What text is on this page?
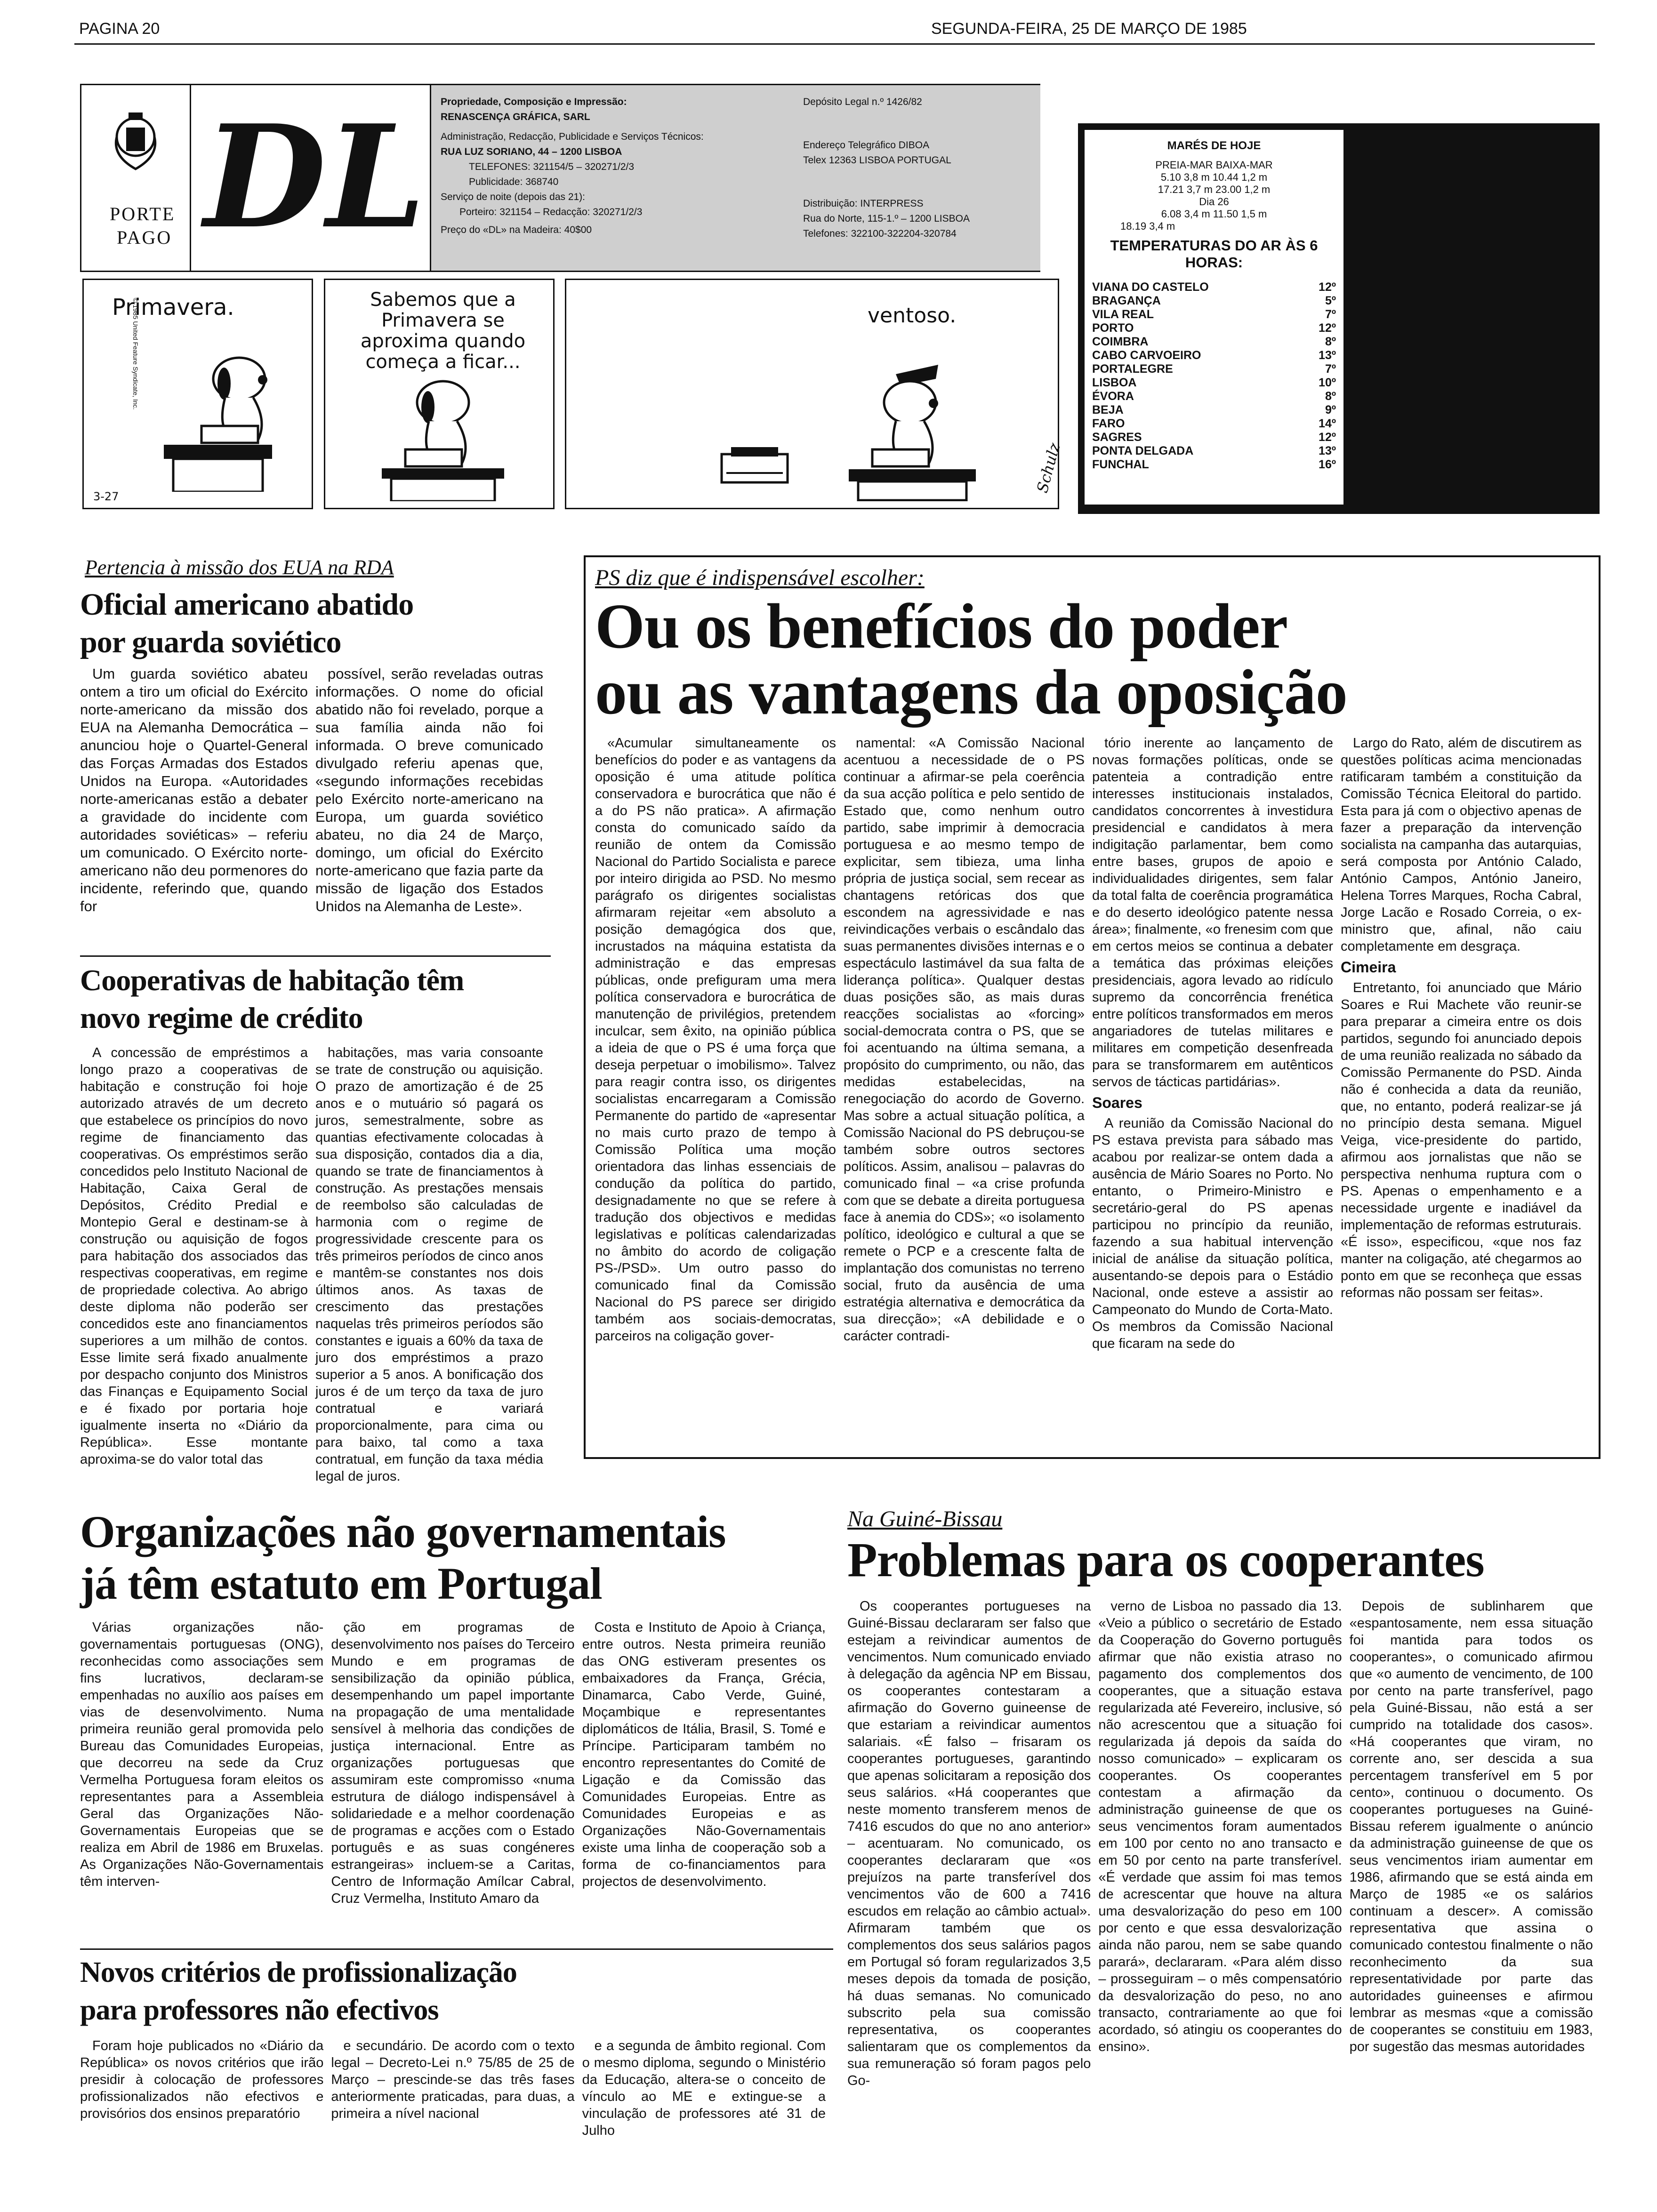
PAGINA 20	SEGUNDA-FEIRA, 25 DE MARÇO DE 1985
PORTE
PAGO DL Propriedade, Composição e Impressão:
RENASCENÇA GRÁFICA, SARL
Administração, Redacção, Publicidade e Serviços Técnicos:
RUA LUZ SORIANO, 44 – 1200 LISBOA
TELEFONES: 321154/5 – 320271/2/3
Publicidade: 368740
Serviço de noite (depois das 21):
Porteiro: 321154 – Redacção: 320271/2/3
Preço do «DL» na Madeira: 40$00
Depósito Legal n.º 1426/82
Endereço Telegráfico DIBOA
Telex 12363 LISBOA PORTUGAL
Distribuição: INTERPRESS
Rua do Norte, 115-1.º – 1200 LISBOA
Telefones: 322100-322204-320784
Primavera.
3-27
© 1985 United Feature Syndicate, Inc.	Sabemos que a Primavera se aproxima quando começa a ficar...
ventoso.
Schulz
MARÉS DE HOJE
PREIA-MAR BAIXA-MAR
5.10 3,8 m 10.44 1,2 m
17.21 3,7 m 23.00 1,2 m
Dia 26
6.08 3,4 m 11.50 1,5 m
18.19 3,4 m
TEMPERATURAS DO AR ÀS 6 HORAS:
VIANA DO CASTELO	12º
BRAGANÇA	5º
VILA REAL	7º
PORTO	12º
COIMBRA	8º
CABO CARVOEIRO	13º
PORTALEGRE	7º
LISBOA	10º
ÉVORA	8º
BEJA	9º
FARO	14º
SAGRES	12º
PONTA DELGADA	13º
FUNCHAL	16º
Pertencia à missão dos EUA na RDA
Oficial americano abatido
por guarda soviético
Um guarda soviético abateu ontem a tiro um oficial do Exército norte-americano da missão dos EUA na Alemanha Democrática – anunciou hoje o Quartel-General das Forças Armadas dos Estados Unidos na Europa. «Autoridades norte-americanas estão a debater a gravidade do incidente com autoridades soviéticas» – referiu um comunicado. O Exército norte-americano não deu pormenores do incidente, referindo que, quando for
possível, serão reveladas outras informações. O nome do oficial abatido não foi revelado, porque a sua família ainda não foi informada. O breve comunicado divulgado referiu apenas que, «segundo informações recebidas pelo Exército norte-americano na Europa, um guarda soviético abateu, no dia 24 de Março, domingo, um oficial do Exército norte-americano que fazia parte da missão de ligação dos Estados Unidos na Alemanha de Leste».
Cooperativas de habitação têm
novo regime de crédito
A concessão de empréstimos a longo prazo a cooperativas de habitação e construção foi hoje autorizado através de um decreto que estabelece os princípios do novo regime de financiamento das cooperativas. Os empréstimos serão concedidos pelo Instituto Nacional de Habitação, Caixa Geral de Depósitos, Crédito Predial e Montepio Geral e destinam-se à construção ou aquisição de fogos para habitação dos associados das respectivas cooperativas, em regime de propriedade colectiva. Ao abrigo deste diploma não poderão ser concedidos este ano financiamentos superiores a um milhão de contos. Esse limite será fixado anualmente por despacho conjunto dos Ministros das Finanças e Equipamento Social e é fixado por portaria hoje igualmente inserta no «Diário da República». Esse montante aproxima-se do valor total das
habitações, mas varia consoante se trate de construção ou aquisição. O prazo de amortização é de 25 anos e o mutuário só pagará os juros, semestralmente, sobre as quantias efectivamente colocadas à sua disposição, contados dia a dia, quando se trate de financiamentos à construção. As prestações mensais de reembolso são calculadas de harmonia com o regime de progressividade crescente para os três primeiros períodos de cinco anos e mantêm-se constantes nos dois últimos anos. As taxas de crescimento das prestações naquelas três primeiros períodos são constantes e iguais a 60% da taxa de juro dos empréstimos a prazo superior a 5 anos. A bonificação dos juros é de um terço da taxa de juro contratual e variará proporcionalmente, para cima ou para baixo, tal como a taxa contratual, em função da taxa média legal de juros.
PS diz que é indispensável escolher:
Ou os benefícios do poder
ou as vantagens da oposição
«Acumular simultaneamente os benefícios do poder e as vantagens da oposição é uma atitude política conservadora e burocrática que não é a do PS não pratica». A afirmação consta do comunicado saído da reunião de ontem da Comissão Nacional do Partido Socialista e parece por inteiro dirigida ao PSD. No mesmo parágrafo os dirigentes socialistas afirmaram rejeitar «em absoluto a posição demagógica dos que, incrustados na máquina estatista da administração e das empresas públicas, onde prefiguram uma mera política conservadora e burocrática de manutenção de privilégios, pretendem inculcar, sem êxito, na opinião pública a ideia de que o PS é uma força que deseja perpetuar o imobilismo». Talvez para reagir contra isso, os dirigentes socialistas encarregaram a Comissão Permanente do partido de «apresentar no mais curto prazo de tempo à Comissão Política uma moção orientadora das linhas essenciais de condução da política do partido, designadamente no que se refere à tradução dos objectivos e medidas legislativas e políticas calendarizadas no âmbito do acordo de coligação PS-/PSD». Um outro passo do comunicado final da Comissão Nacional do PS parece ser dirigido também aos sociais-democratas, parceiros na coligação gover-
namental: «A Comissão Nacional acentuou a necessidade de o PS continuar a afirmar-se pela coerência da sua acção política e pelo sentido de Estado que, como nenhum outro partido, sabe imprimir à democracia portuguesa e ao mesmo tempo de explicitar, sem tibieza, uma linha própria de justiça social, sem recear as chantagens retóricas dos que escondem na agressividade e nas reivindicações verbais o escândalo das suas permanentes divisões internas e o espectáculo lastimável da sua falta de liderança política». Qualquer destas duas posições são, as mais duras reacções socialistas ao «forcing» social-democrata contra o PS, que se foi acentuando na última semana, a propósito do cumprimento, ou não, das medidas estabelecidas, na renegociação do acordo de Governo. Mas sobre a actual situação política, a Comissão Nacional do PS debruçou-se também sobre outros sectores políticos. Assim, analisou – palavras do comunicado final – «a crise profunda com que se debate a direita portuguesa face à anemia do CDS»; «o isolamento político, ideológico e cultural a que se remete o PCP e a crescente falta de implantação dos comunistas no terreno social, fruto da ausência de uma estratégia alternativa e democrática da sua direcção»; «A debilidade e o carácter contradi-
tório inerente ao lançamento de novas formações políticas, onde se patenteia a contradição entre interesses institucionais instalados, candidatos concorrentes à investidura presidencial e candidatos à mera indigitação parlamentar, bem como entre bases, grupos de apoio e individualidades dirigentes, sem falar da total falta de coerência programática e do deserto ideológico patente nessa área»; finalmente, «o frenesim com que em certos meios se continua a debater a temática das próximas eleições presidenciais, agora levado ao ridículo supremo da concorrência frenética entre políticos transformados em meros angariadores de tutelas militares e militares em competição desenfreada para se transformarem em autênticos servos de tácticas partidárias».
Soares
A reunião da Comissão Nacional do PS estava prevista para sábado mas acabou por realizar-se ontem dada a ausência de Mário Soares no Porto. No entanto, o Primeiro-Ministro e secretário-geral do PS apenas participou no princípio da reunião, fazendo a sua habitual intervenção inicial de análise da situação política, ausentando-se depois para o Estádio Nacional, onde esteve a assistir ao Campeonato do Mundo de Corta-Mato. Os membros da Comissão Nacional que ficaram na sede do
Largo do Rato, além de discutirem as questões políticas acima mencionadas ratificaram também a constituição da Comissão Técnica Eleitoral do partido. Esta para já com o objectivo apenas de fazer a preparação da intervenção socialista na campanha das autarquias, será composta por António Calado, António Campos, António Janeiro, Helena Torres Marques, Rocha Cabral, Jorge Lacão e Rosado Correia, o ex-ministro que, afinal, não caiu completamente em desgraça.
Cimeira
Entretanto, foi anunciado que Mário Soares e Rui Machete vão reunir-se para preparar a cimeira entre os dois partidos, segundo foi anunciado depois de uma reunião realizada no sábado da Comissão Permanente do PSD. Ainda não é conhecida a data da reunião, que, no entanto, poderá realizar-se já no princípio desta semana. Miguel Veiga, vice-presidente do partido, afirmou aos jornalistas que não se perspectiva nenhuma ruptura com o PS. Apenas o empenhamento e a necessidade urgente e inadiável da implementação de reformas estruturais. «É isso», especificou, «que nos faz manter na coligação, até chegarmos ao ponto em que se reconheça que essas reformas não possam ser feitas».
Organizações não governamentais
já têm estatuto em Portugal
Várias organizações não-governamentais portuguesas (ONG), reconhecidas como associações sem fins lucrativos, declaram-se empenhadas no auxílio aos países em vias de desenvolvimento. Numa primeira reunião geral promovida pelo Bureau das Comunidades Europeias, que decorreu na sede da Cruz Vermelha Portuguesa foram eleitos os representantes para a Assembleia Geral das Organizações Não-Governamentais Europeias que se realiza em Abril de 1986 em Bruxelas. As Organizações Não-Governamentais têm interven-
ção em programas de desenvolvimento nos países do Terceiro Mundo e em programas de sensibilização da opinião pública, desempenhando um papel importante na propagação de uma mentalidade sensível à melhoria das condições de justiça internacional. Entre as organizações portuguesas que assumiram este compromisso «numa estrutura de diálogo indispensável à solidariedade e a melhor coordenação de programas e acções com o Estado português e as suas congéneres estrangeiras» incluem-se a Caritas, Centro de Informação Amílcar Cabral, Cruz Vermelha, Instituto Amaro da
Costa e Instituto de Apoio à Criança, entre outros. Nesta primeira reunião das ONG estiveram presentes os embaixadores da França, Grécia, Dinamarca, Cabo Verde, Guiné, Moçambique e representantes diplomáticos de Itália, Brasil, S. Tomé e Príncipe. Participaram também no encontro representantes do Comité de Ligação e da Comissão das Comunidades Europeias. Entre as Comunidades Europeias e as Organizações Não-Governamentais existe uma linha de cooperação sob a forma de co-financiamentos para projectos de desenvolvimento.
Novos critérios de profissionalização
para professores não efectivos
Foram hoje publicados no «Diário da República» os novos critérios que irão presidir à colocação de professores profissionalizados não efectivos e provisórios dos ensinos preparatório
e secundário. De acordo com o texto legal – Decreto-Lei n.º 75/85 de 25 de Março – prescinde-se das três fases anteriormente praticadas, para duas, a primeira a nível nacional
e a segunda de âmbito regional. Com o mesmo diploma, segundo o Ministério da Educação, altera-se o conceito de vínculo ao ME e extingue-se a vinculação de professores até 31 de Julho
Na Guiné-Bissau
Problemas para os cooperantes
Os cooperantes portugueses na Guiné-Bissau declararam ser falso que estejam a reivindicar aumentos de vencimentos. Num comunicado enviado à delegação da agência NP em Bissau, os cooperantes contestaram a afirmação do Governo guineense de que estariam a reivindicar aumentos salariais. «É falso – frisaram os cooperantes portugueses, garantindo que apenas solicitaram a reposição dos seus salários. «Há cooperantes que neste momento transferem menos de 7416 escudos do que no ano anterior» – acentuaram. No comunicado, os cooperantes declararam que «os prejuízos na parte transferível dos vencimentos vão de 600 a 7416 escudos em relação ao câmbio actual». Afirmaram também que os complementos dos seus salários pagos em Portugal só foram regularizados 3,5 meses depois da tomada de posição, há duas semanas. No comunicado subscrito pela sua comissão representativa, os cooperantes salientaram que os complementos da sua remuneração só foram pagos pelo Go-
verno de Lisboa no passado dia 13. «Veio a público o secretário de Estado da Cooperação do Governo português afirmar que não existia atraso no pagamento dos complementos dos cooperantes, que a situação estava regularizada até Fevereiro, inclusive, só não acrescentou que a situação foi regularizada já depois da saída do nosso comunicado» – explicaram os cooperantes. Os cooperantes contestam a afirmação da administração guineense de que os seus vencimentos foram aumentados em 100 por cento no ano transacto e em 50 por cento na parte transferível. «É verdade que assim foi mas temos de acrescentar que houve na altura uma desvalorização do peso em 100 por cento e que essa desvalorização ainda não parou, nem se sabe quando parará», declararam. «Para além disso – prosseguiram – o mês compensatório da desvalorização do peso, no ano transacto, contrariamente ao que foi acordado, só atingiu os cooperantes do ensino».
Depois de sublinharem que «espantosamente, nem essa situação foi mantida para todos os cooperantes», o comunicado afirmou que «o aumento de vencimento, de 100 por cento na parte transferível, pago pela Guiné-Bissau, não está a ser cumprido na totalidade dos casos». «Há cooperantes que viram, no corrente ano, ser descida a sua percentagem transferível em 5 por cento», continuou o documento. Os cooperantes portugueses na Guiné-Bissau referem igualmente o anúncio da administração guineense de que os seus vencimentos iriam aumentar em 1986, afirmando que se está ainda em Março de 1985 «e os salários continuam a descer». A comissão representativa que assina o comunicado contestou finalmente o não reconhecimento da sua representatividade por parte das autoridades guineenses e afirmou lembrar as mesmas «que a comissão de cooperantes se constituiu em 1983, por sugestão das mesmas autoridades
